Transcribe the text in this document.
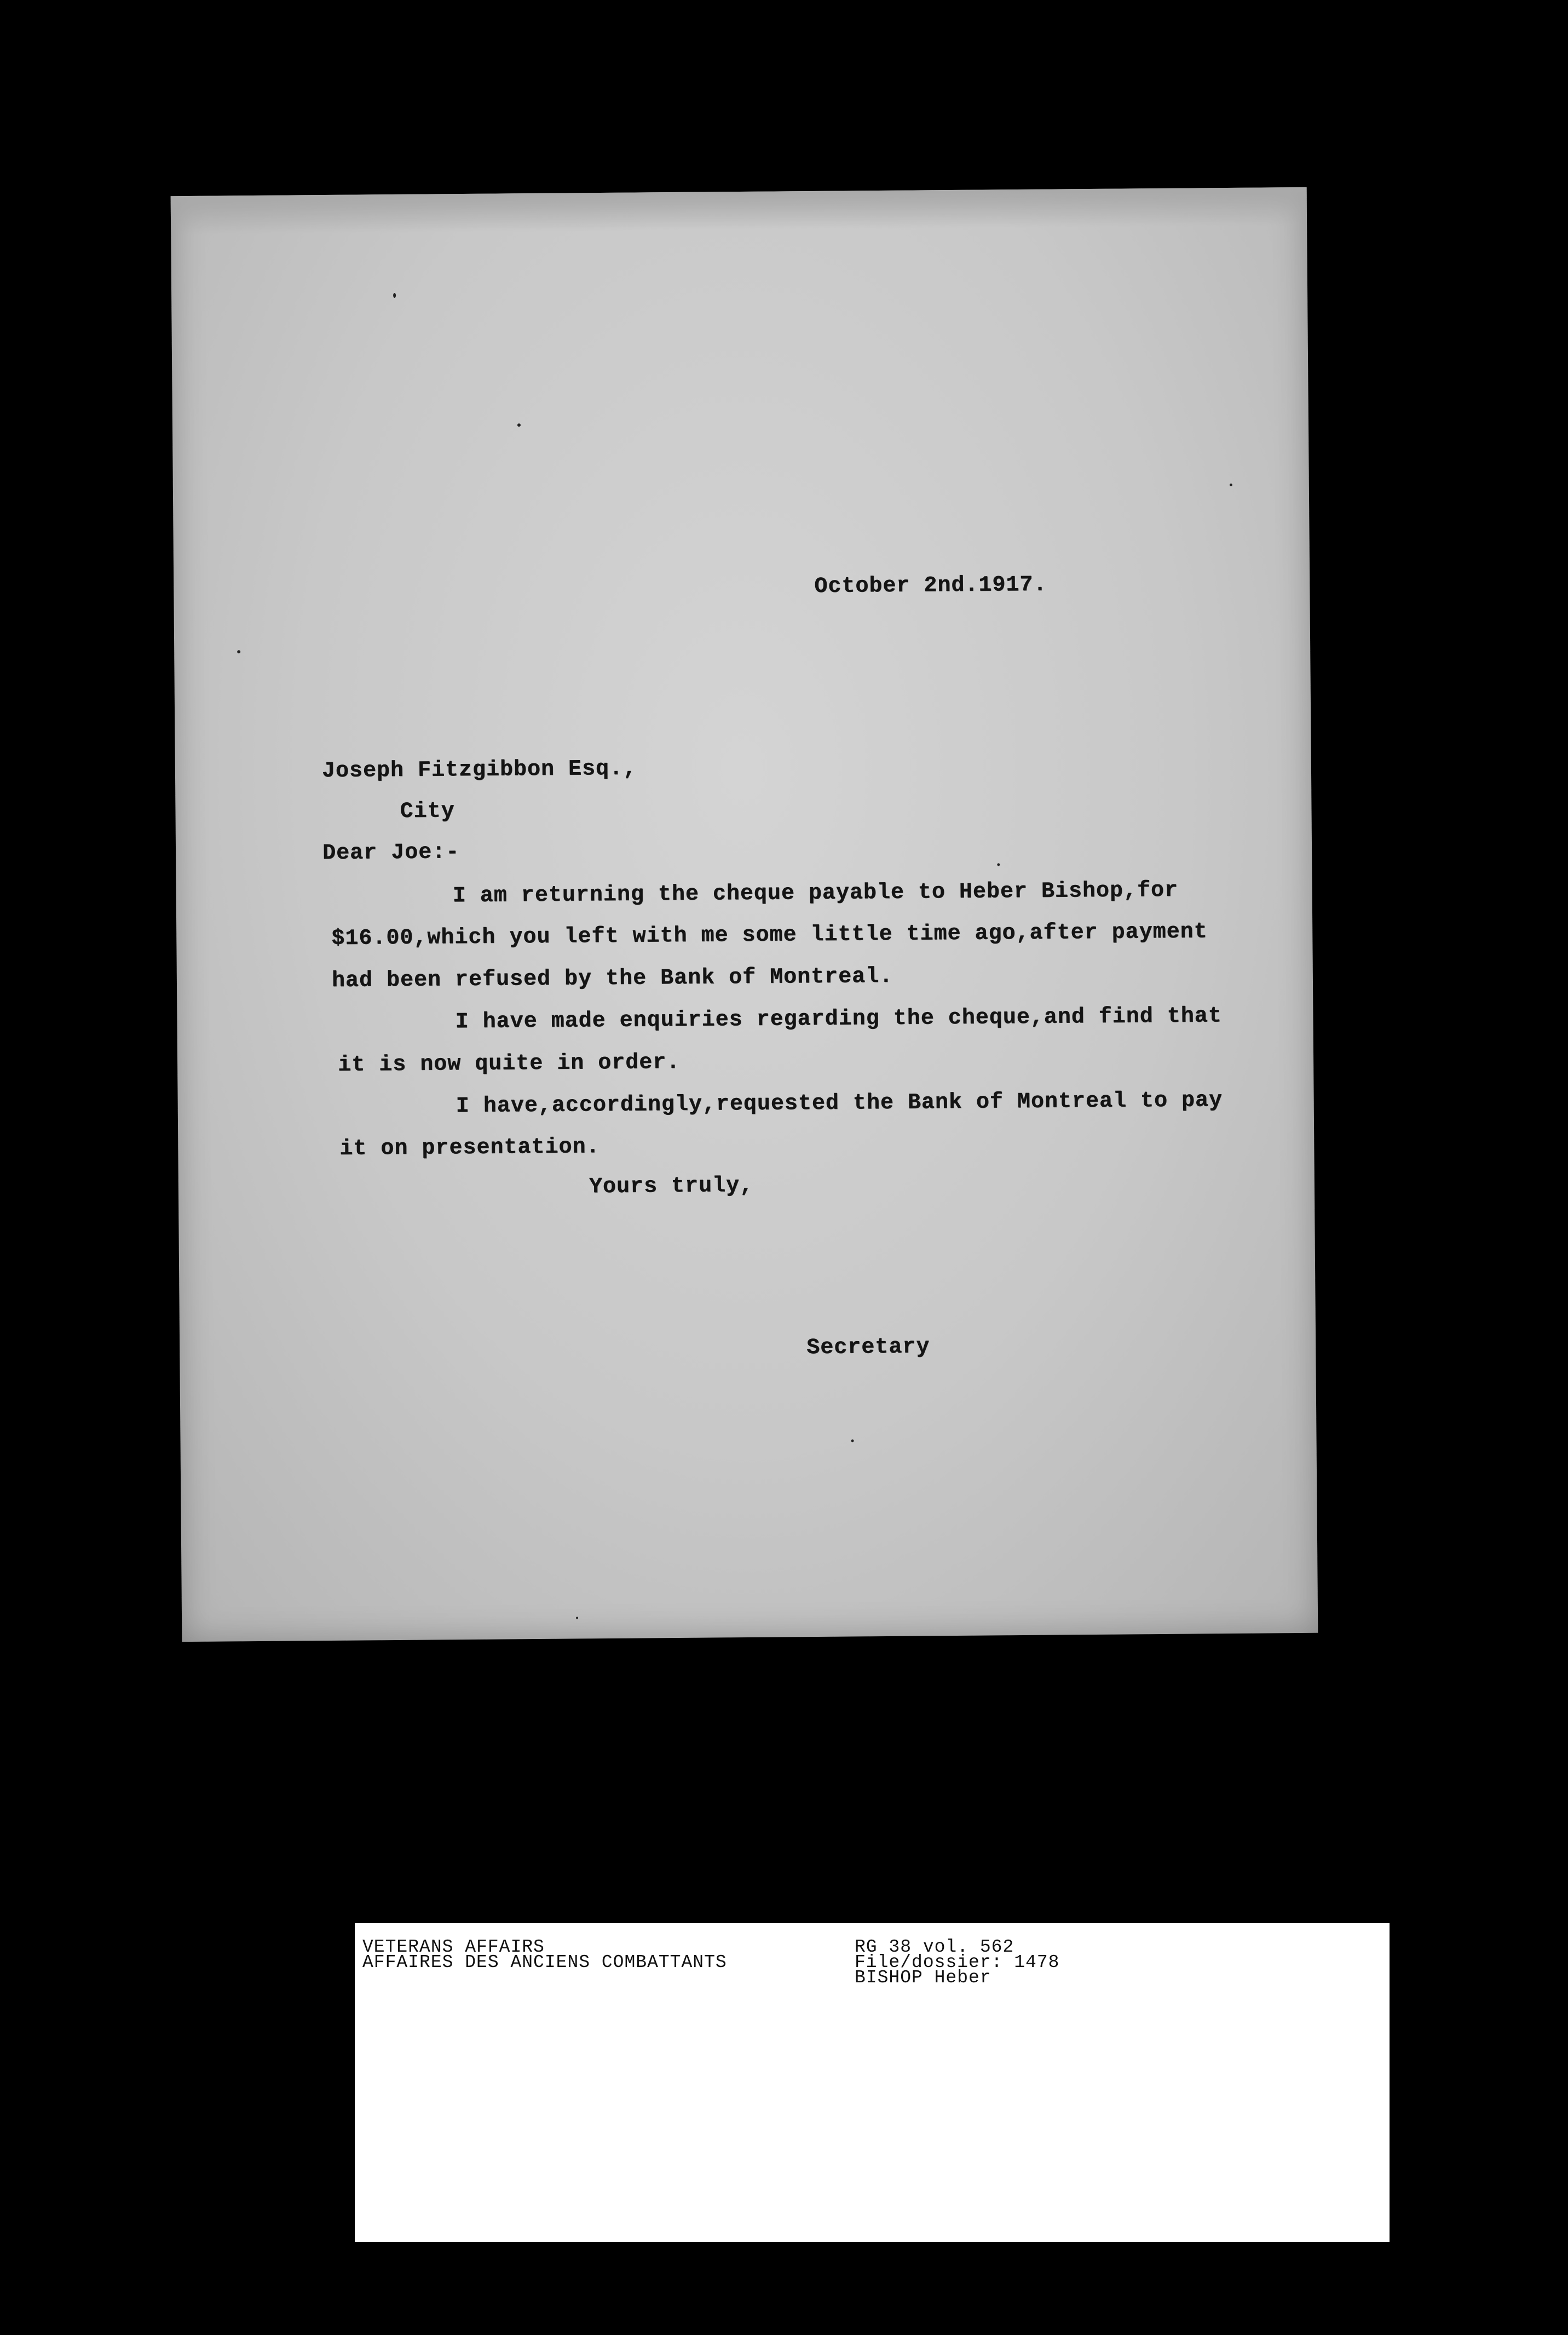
October 2nd.1917.
Joseph Fitzgibbon Esq.,
City
Dear Joe:-
I am returning the cheque payable to Heber Bishop,for
$16.00,which you left with me some little time ago,after payment
had been refused by the Bank of Montreal.
I have made enquiries regarding the cheque,and find that
it is now quite in order.
I have,accordingly,requested the Bank of Montreal to pay
it on presentation.
Yours truly,
Secretary
VETERANS AFFAIRS
AFFAIRES DES ANCIENS COMBATTANTS
RG 38 vol. 562
File/dossier: 1478
BISHOP Heber
